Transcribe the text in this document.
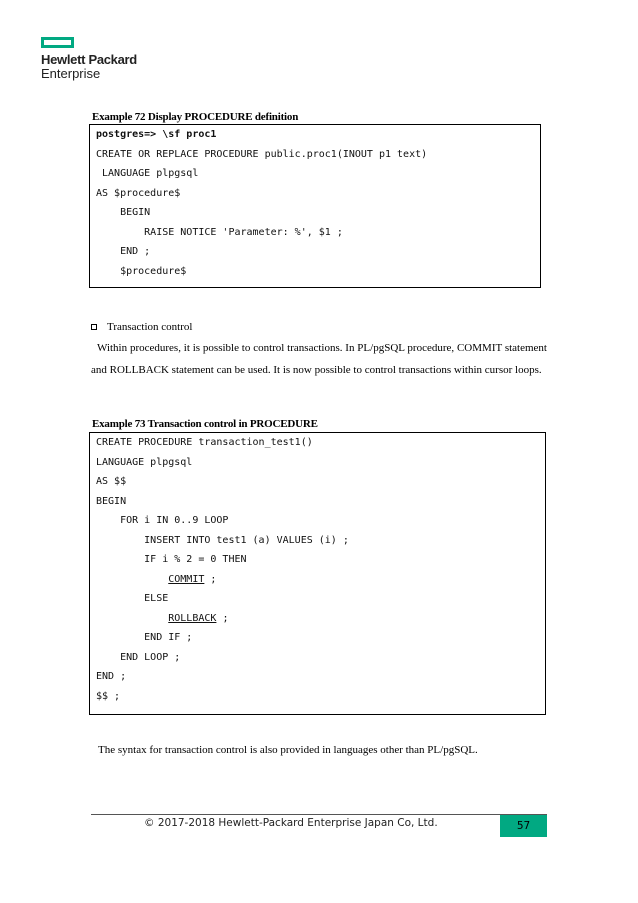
Hewlett Packard
Enterprise
Example 72 Display PROCEDURE definition
postgres=> \sf proc1
CREATE OR REPLACE PROCEDURE public.proc1(INOUT p1 text)
LANGUAGE plpgsql
AS $procedure$
BEGIN
RAISE NOTICE 'Parameter: %', $1 ;
END ;
$procedure$
Transaction control
Within procedures, it is possible to control transactions. In PL/pgSQL procedure, COMMIT statement and ROLLBACK statement can be used. It is now possible to control transactions within cursor loops.
Example 73 Transaction control in PROCEDURE
CREATE PROCEDURE transaction_test1()
LANGUAGE plpgsql
AS $$
BEGIN
FOR i IN 0..9 LOOP
INSERT INTO test1 (a) VALUES (i) ;
IF i % 2 = 0 THEN
COMMIT ;
ELSE
ROLLBACK ;
END IF ;
END LOOP ;
END ;
$$ ;
The syntax for transaction control is also provided in languages other than PL/pgSQL.
© 2017-2018 Hewlett-Packard Enterprise Japan Co, Ltd.	57
